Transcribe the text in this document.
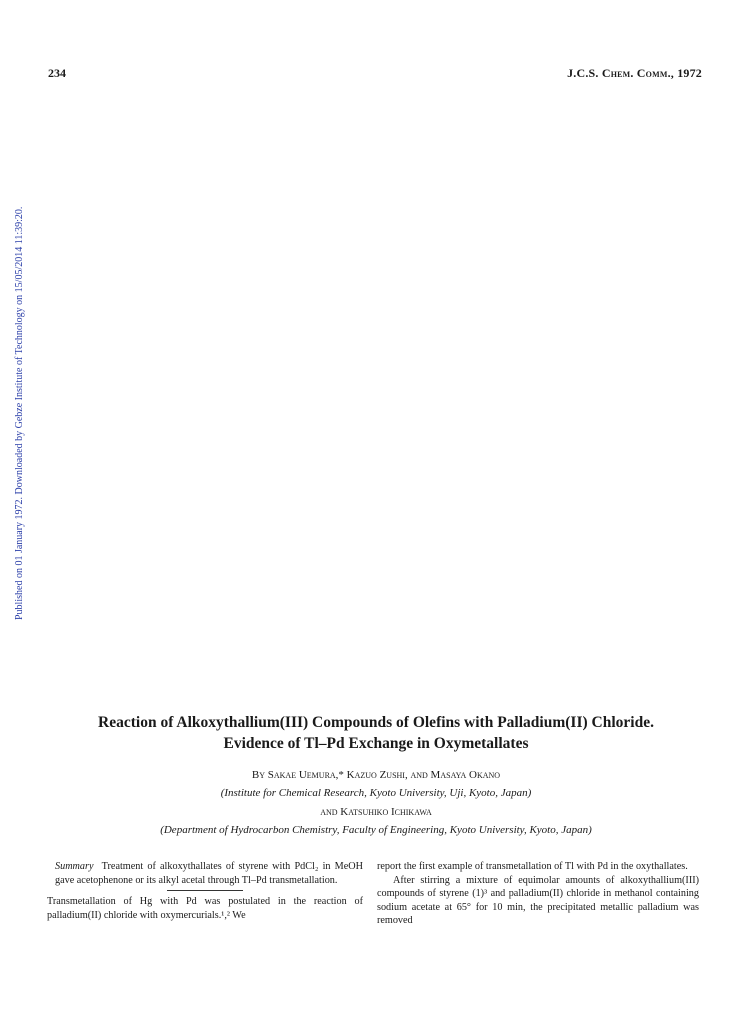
234	J.C.S. Chem. Comm., 1972
Published on 01 January 1972. Downloaded by Gebze Institute of Technology on 15/05/2014 11:39:20.
Reaction of Alkoxythallium(III) Compounds of Olefins with Palladium(II) Chloride.
Evidence of Tl–Pd Exchange in Oxymetallates
By Sakae Uemura,* Kazuo Zushi, and Masaya Okano
(Institute for Chemical Research, Kyoto University, Uji, Kyoto, Japan)
and Katsuhiko Ichikawa
(Department of Hydrocarbon Chemistry, Faculty of Engineering, Kyoto University, Kyoto, Japan)

Summary Treatment of alkoxythallates of styrene with PdCl₂ in MeOH gave acetophenone or its alkyl acetal through Tl–Pd transmetallation.

Transmetallation of Hg with Pd was postulated in the reaction of palladium(II) chloride with oxymercurials.¹,² We

report the first example of transmetallation of Tl with Pd in the oxythallates.

After stirring a mixture of equimolar amounts of alkoxythallium(III) compounds of styrene (1)³ and palladium(II) chloride in methanol containing sodium acetate at 65° for 10 min, the precipitated metallic palladium was removed
